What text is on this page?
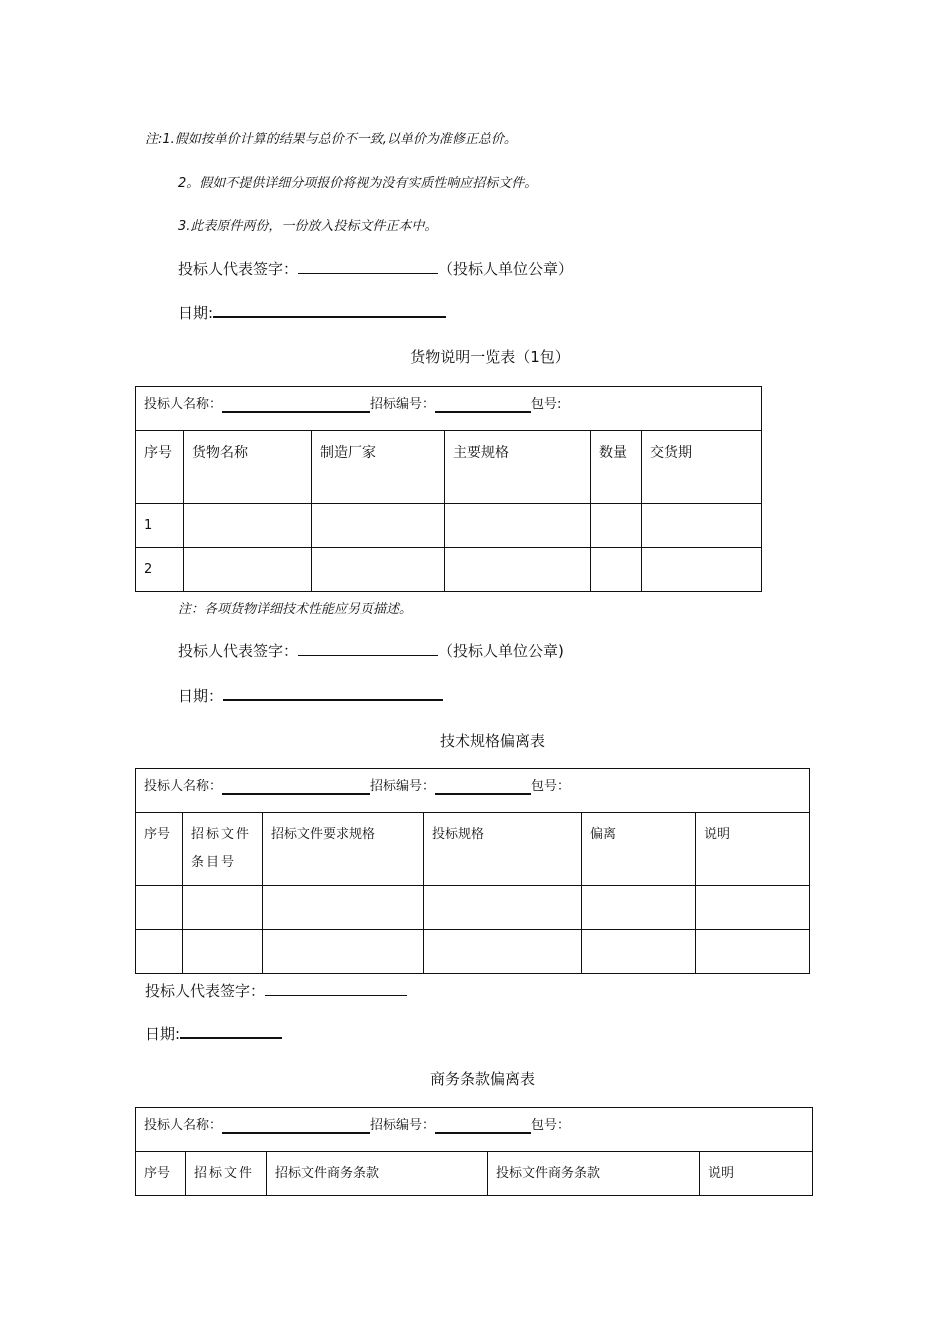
注:1.假如按单价计算的结果与总价不一致,以单价为准修正总价。
2。假如不提供详细分项报价将视为没有实质性响应招标文件。
3.此表原件两份，一份放入投标文件正本中。
投标人代表签字：	（投标人单位公章）
日期:
货物说明一览表（1包）
投标人名称： 招标编号： 包号:					
序号	货物名称	制造厂家	主要规格	数量	交货期
1					
2					
注：各项货物详细技术性能应另页描述。
投标人代表签字：	（投标人单位公章)
日期：
技术规格偏离表
投标人名称： 招标编号： 包号：					
序号	招标文件条目号	招标文件要求规格	投标规格	偏离	说明

投标人代表签字：
日期:
商务条款偏离表
投标人名称：	招标编号：	包号：
序号	招标文件	招标文件商务条款	投标文件商务条款	说明
